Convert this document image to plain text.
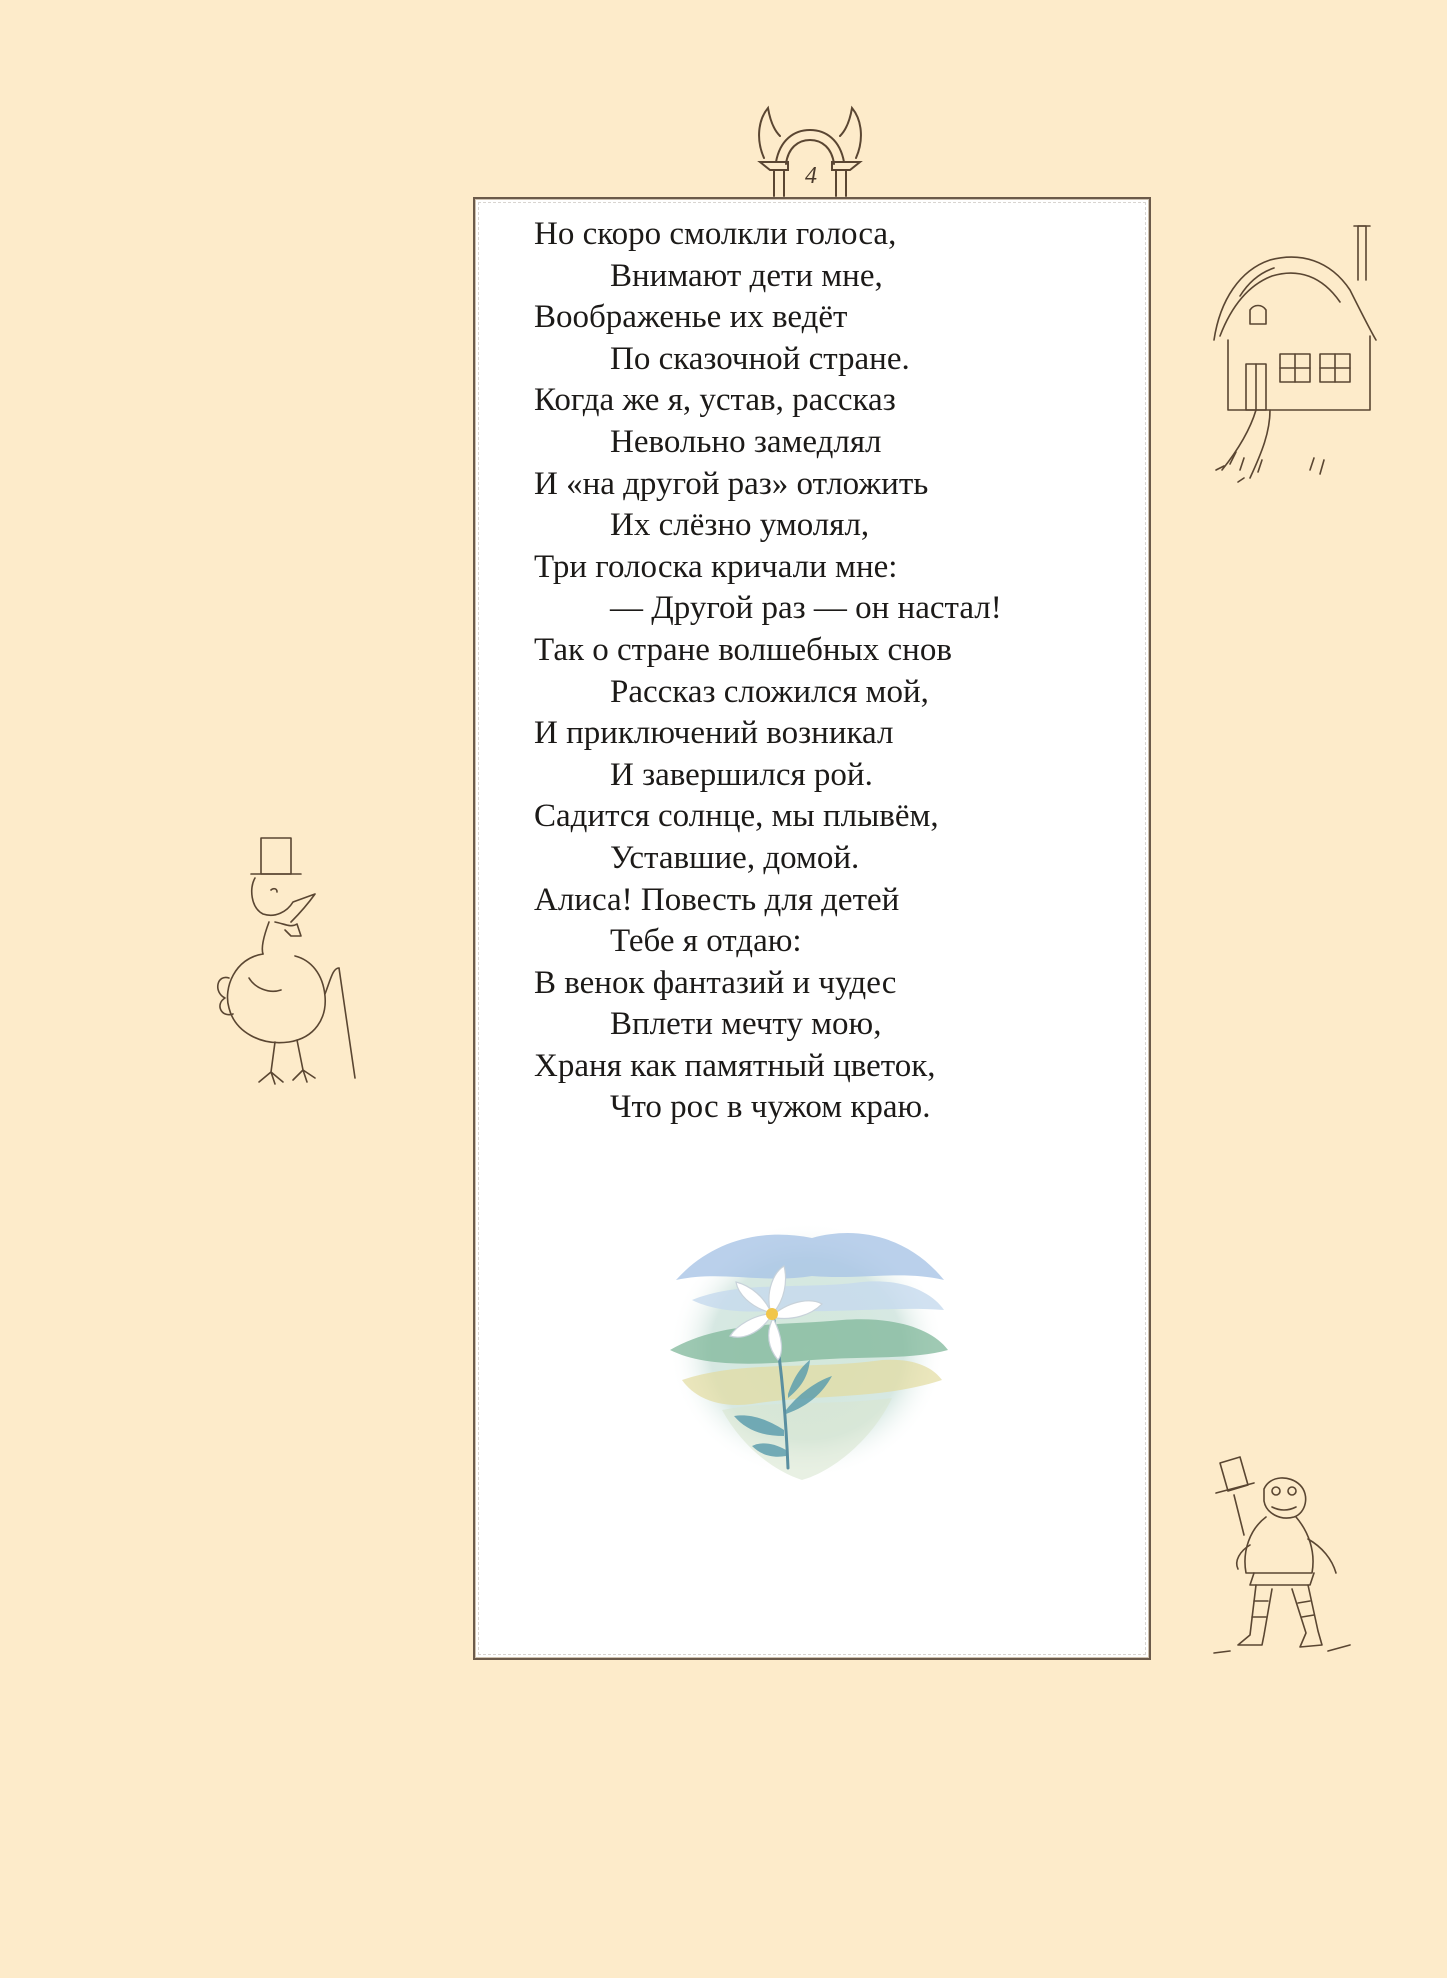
4
Но скоро смолкли голоса,
Внимают дети мне,
Воображенье их ведёт
По сказочной стране.
Когда же я, устав, рассказ
Невольно замедлял
И «на другой раз» отложить
Их слёзно умолял,
Три голоска кричали мне:
— Другой раз — он настал!
Так о стране волшебных снов
Рассказ сложился мой,
И приключений возникал
И завершился рой.
Садится солнце, мы плывём,
Уставшие, домой.
Алиса! Повесть для детей
Тебе я отдаю:
В венок фантазий и чудес
Вплети мечту мою,
Храня как памятный цветок,
Что рос в чужом краю.
